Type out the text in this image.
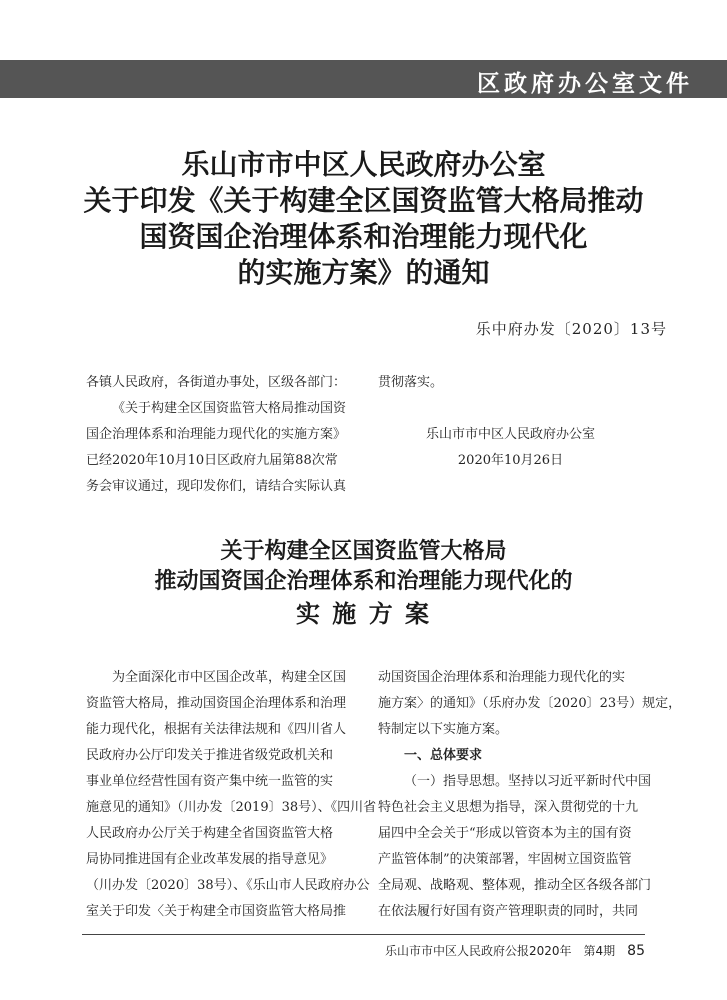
区政府办公室文件
乐山市市中区人民政府办公室
关于印发《关于构建全区国资监管大格局推动
国资国企治理体系和治理能力现代化
的实施方案》的通知
乐中府办发〔2020〕13号

各镇人民政府，各街道办事处，区级各部门：

《关于构建全区国资监管大格局推动国资

国企治理体系和治理能力现代化的实施方案》

已经2020年10月10日区政府九届第88次常

务会审议通过，现印发你们，请结合实际认真

贯彻落实。

乐山市市中区人民政府办公室

2020年10月26日

关于构建全区国资监管大格局
推动国资国企治理体系和治理能力现代化的
实 施 方 案

为全面深化市中区国企改革，构建全区国

资监管大格局，推动国资国企治理体系和治理

能力现代化，根据有关法律法规和《四川省人

民政府办公厅印发关于推进省级党政机关和

事业单位经营性国有资产集中统一监管的实

施意见的通知》（川办发〔2019〕38号）、《四川省

人民政府办公厅关于构建全省国资监管大格

局协同推进国有企业改革发展的指导意见》

（川办发〔2020〕38号）、《乐山市人民政府办公

室关于印发〈关于构建全市国资监管大格局推

动国资国企治理体系和治理能力现代化的实

施方案〉的通知》（乐府办发〔2020〕23号）规定，

特制定以下实施方案。

一、总体要求

（一）指导思想。坚持以习近平新时代中国

特色社会主义思想为指导，深入贯彻党的十九

届四中全会关于“形成以管资本为主的国有资

产监管体制”的决策部署，牢固树立国资监管

全局观、战略观、整体观，推动全区各级各部门

在依法履行好国有资产管理职责的同时，共同

乐山市市中区人民政府公报2020年　第4期 85
